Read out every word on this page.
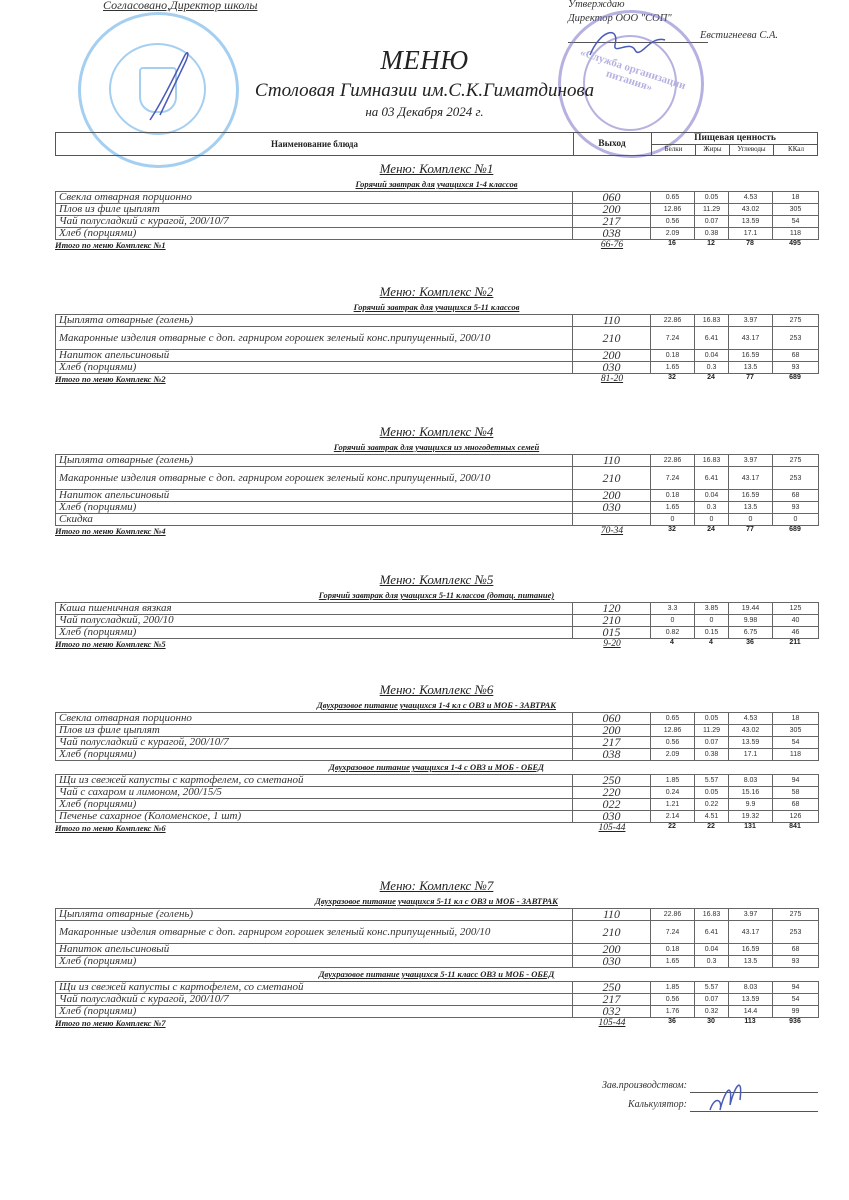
Согласовано,Директор школы	Утверждаю
Директор ООО "СОП"
Евстигнеева С.А.
«Служба организации питания»
МЕНЮ
Столовая Гимназии им.С.К.Гиматдинова
на 03 Декабря 2024 г.
Наименование блюда	Выход
Пищевая ценность
Белки	Жиры	Углеводы	ККал
Меню: Комплекс №1
Горячий завтрак для учащихся 1-4 классов
Свекла отварная порционно	060	0.65	0.05	4.53	18
Плов из филе цыплят	200	12.86	11.29	43.02	305
Чай полусладкий с курагой, 200/10/7	217	0.56	0.07	13.59	54
Хлеб (порциями)	038	2.09	0.38	17.1	118
Итого по меню Комплекс №1	66-76	16	12	78	495
Меню: Комплекс №2
Горячий завтрак для учащихся 5-11 классов
Цыплята отварные (голень)	110	22.86	16.83	3.97	275
Макаронные изделия отварные с доп. гарниром горошек зеленый конс.припущенный, 200/10	210	7.24	6.41	43.17	253
Напиток апельсиновый	200	0.18	0.04	16.59	68
Хлеб (порциями)	030	1.65	0.3	13.5	93
Итого по меню Комплекс №2	81-20	32	24	77	689
Меню: Комплекс №4
Горячий завтрак для учащихся из многодетных семей
Цыплята отварные (голень)	110	22.86	16.83	3.97	275
Макаронные изделия отварные с доп. гарниром горошек зеленый конс.припущенный, 200/10	210	7.24	6.41	43.17	253
Напиток апельсиновый	200	0.18	0.04	16.59	68
Хлеб (порциями)	030	1.65	0.3	13.5	93
Скидка		0	0	0	0
Итого по меню Комплекс №4	70-34	32	24	77	689
Меню: Комплекс №5
Горячий завтрак для учащихся 5-11 классов (дотац. питание)
Каша пшеничная вязкая	120	3.3	3.85	19.44	125
Чай полусладкий, 200/10	210	0	0	9.98	40
Хлеб (порциями)	015	0.82	0.15	6.75	46
Итого по меню Комплекс №5	9-20	4	4	36	211
Меню: Комплекс №6
Двухразовое питание учащихся 1-4 кл с ОВЗ и МОБ - ЗАВТРАК
Свекла отварная порционно	060	0.65	0.05	4.53	18
Плов из филе цыплят	200	12.86	11.29	43.02	305
Чай полусладкий с курагой, 200/10/7	217	0.56	0.07	13.59	54
Хлеб (порциями)	038	2.09	0.38	17.1	118
Двухразовое питание учащихся 1-4 с ОВЗ и МОБ - ОБЕД
Щи из свежей капусты с картофелем, со сметаной	250	1.85	5.57	8.03	94
Чай с сахаром и лимоном, 200/15/5	220	0.24	0.05	15.16	58
Хлеб (порциями)	022	1.21	0.22	9.9	68
Печенье сахарное (Коломенское, 1 шт)	030	2.14	4.51	19.32	126
Итого по меню Комплекс №6	105-44	22	22	131	841
Меню: Комплекс №7
Двухразовое питание учащихся 5-11 кл с ОВЗ и МОБ - ЗАВТРАК
Цыплята отварные (голень)	110	22.86	16.83	3.97	275
Макаронные изделия отварные с доп. гарниром горошек зеленый конс.припущенный, 200/10	210	7.24	6.41	43.17	253
Напиток апельсиновый	200	0.18	0.04	16.59	68
Хлеб (порциями)	030	1.65	0.3	13.5	93
Двухразовое питание учащихся 5-11 класс ОВЗ и МОБ - ОБЕД
Щи из свежей капусты с картофелем, со сметаной	250	1.85	5.57	8.03	94
Чай полусладкий с курагой, 200/10/7	217	0.56	0.07	13.59	54
Хлеб (порциями)	032	1.76	0.32	14.4	99
Итого по меню Комплекс №7	105-44	36	30	113	936
Зав.производством:
Калькулятор:
